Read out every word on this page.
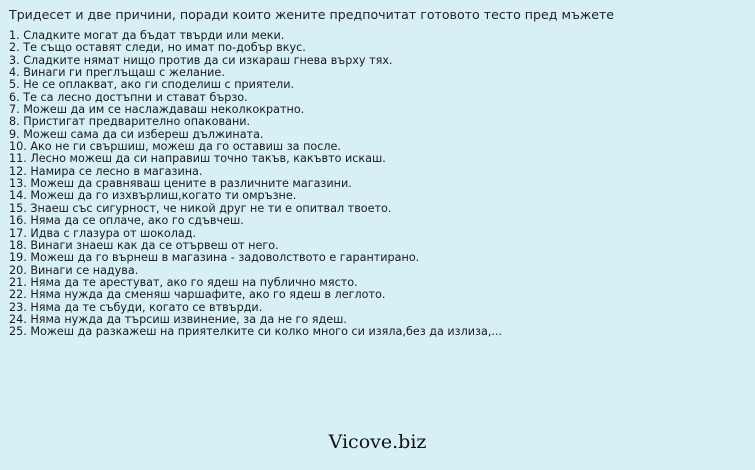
Тридесет и две причини, поради които жените предпочитат готовото тесто пред мъжете
1. Сладките могат да бъдат твърди или меки.
2. Те също оставят следи, но имат по-добър вкус.
3. Сладките нямат нищо против да си изкараш гнева върху тях.
4. Винаги ги преглъщаш с желание.
5. Не се оплакват, ако ги споделиш с приятели.
6. Те са лесно достъпни и стават бързо.
7. Можеш да им се наслаждаваш неколкократно.
8. Пристигат предварително опаковани.
9. Можеш сама да си избереш дължината.
10. Ако не ги свършиш, можеш да го оставиш за после.
11. Лесно можеш да си направиш точно такъв, какъвто искаш.
12. Намира се лесно в магазина.
13. Можеш да сравняваш цените в различните магазини.
14. Можеш да го изхвърлиш,когато ти омръзне.
15. Знаеш със сигурност, че никой друг не ти е опитвал твоето.
16. Няма да се оплаче, ако го сдъвчеш.
17. Идва с глазура от шоколад.
18. Винаги знаеш как да се отървеш от него.
19. Можеш да го върнеш в магазина - задоволството е гарантирано.
20. Винаги се надува.
21. Няма да те арестуват, ако го ядеш на публично място.
22. Няма нужда да сменяш чаршафите, ако го ядеш в леглото.
23. Няма да те събуди, когато се втвърди.
24. Няма нужда да търсиш извинение, за да не го ядеш.
25. Можеш да разкажеш на приятелките си колко много си изяла,без да излиза,...
Vicove.biz
